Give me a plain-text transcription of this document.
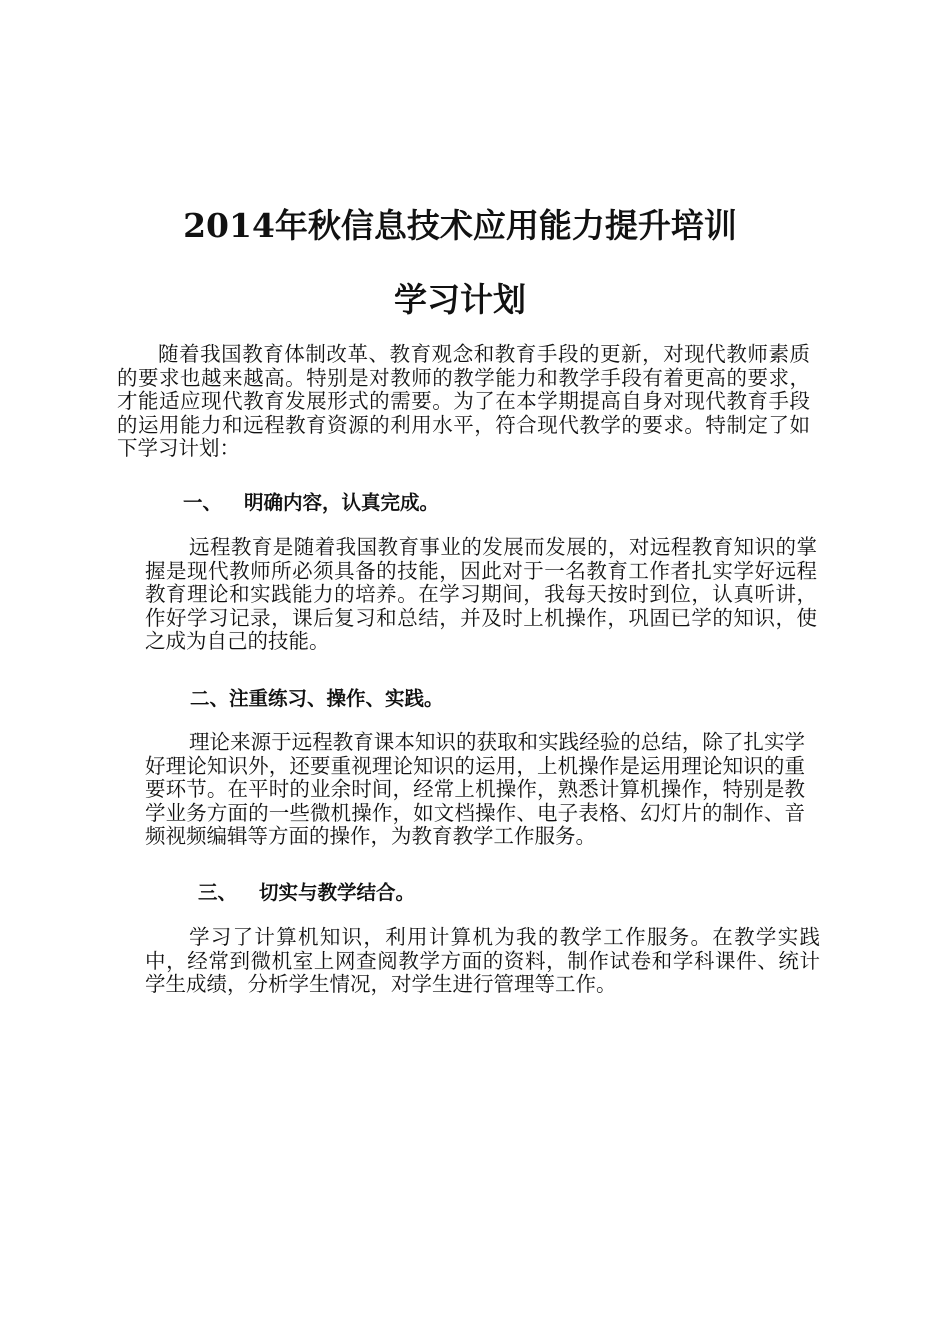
2014年秋信息技术应用能力提升培训
学习计划
随着我国教育体制改革、教育观念和教育手段的更新，对现代教师素质的要求也越来越高。特别是对教师的教学能力和教学手段有着更高的要求，才能适应现代教育发展形式的需要。为了在本学期提高自身对现代教育手段的运用能力和远程教育资源的利用水平，符合现代教学的要求。特制定了如下学习计划：
一、 明确内容，认真完成。
远程教育是随着我国教育事业的发展而发展的，对远程教育知识的掌握是现代教师所必须具备的技能，因此对于一名教育工作者扎实学好远程教育理论和实践能力的培养。在学习期间，我每天按时到位，认真听讲，作好学习记录，课后复习和总结，并及时上机操作，巩固已学的知识，使之成为自己的技能。
二、注重练习、操作、实践。
理论来源于远程教育课本知识的获取和实践经验的总结，除了扎实学好理论知识外，还要重视理论知识的运用，上机操作是运用理论知识的重要环节。在平时的业余时间，经常上机操作，熟悉计算机操作，特别是教学业务方面的一些微机操作，如文档操作、电子表格、幻灯片的制作、音频视频编辑等方面的操作，为教育教学工作服务。
三、 切实与教学结合。
学习了计算机知识，利用计算机为我的教学工作服务。在教学实践中，经常到微机室上网查阅教学方面的资料，制作试卷和学科课件、统计学生成绩，分析学生情况，对学生进行管理等工作。
